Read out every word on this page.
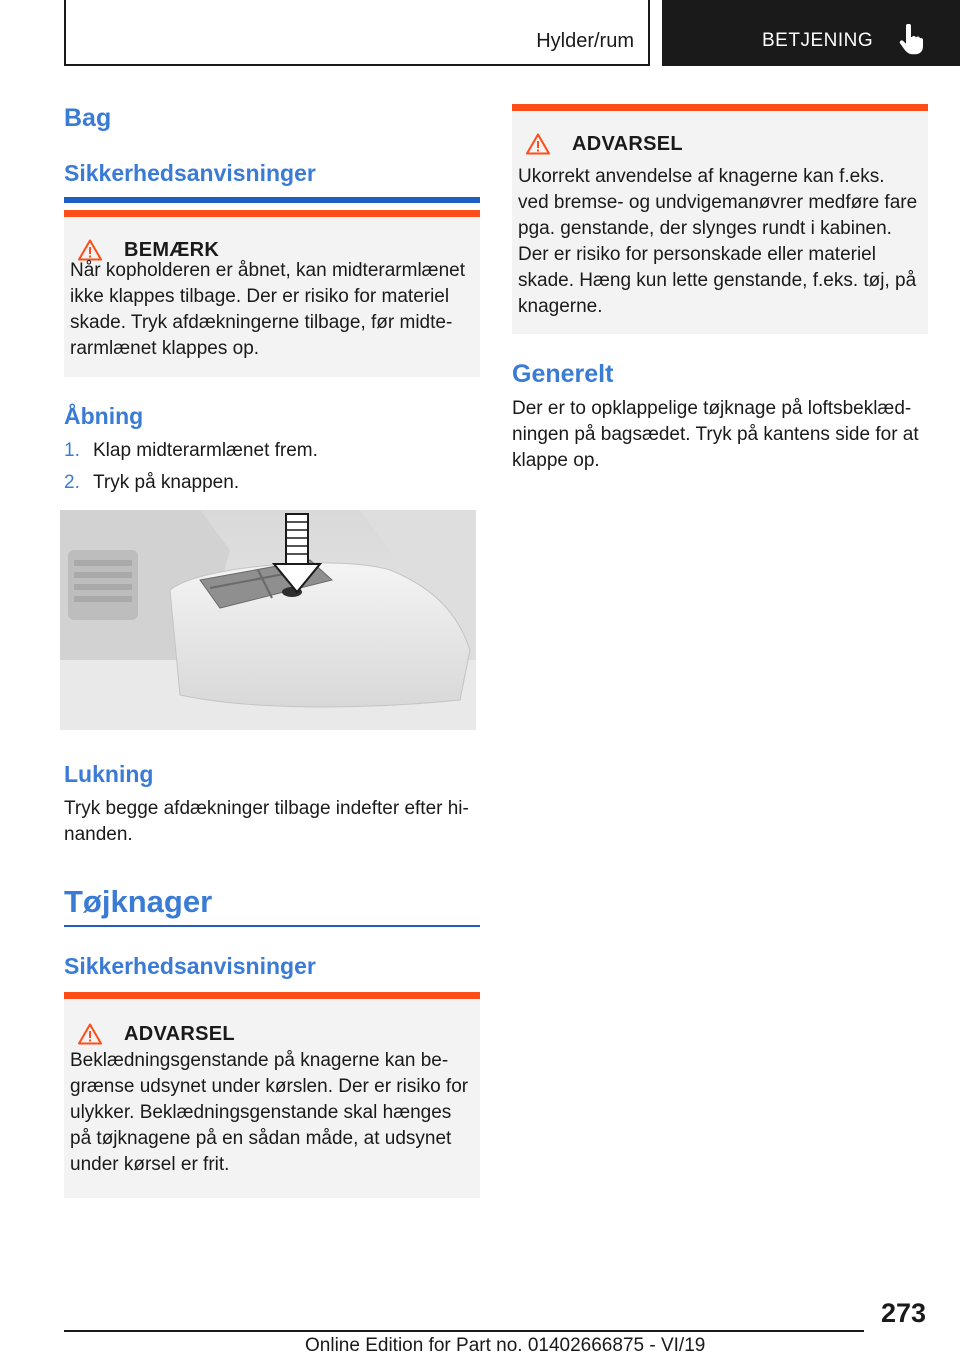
Hylder/rum	BETJENING
Bag
Sikkerhedsanvisninger
BEMÆRK
Når kopholderen er åbnet, kan midterarmlænet ikke klappes tilbage. Der er risiko for materiel skade. Tryk afdækningerne tilbage, før midterarmlænet klappes op.
Åbning
1. Klap midterarmlænet frem.
2. Tryk på knappen.
Lukning
Tryk begge afdækninger tilbage indefter efter hinanden.
Tøjknager
Sikkerhedsanvisninger
ADVARSEL
Beklædningsgenstande på knagerne kan begrænse udsynet under kørslen. Der er risiko for ulykker. Beklædningsgenstande skal hænges på tøjknagene på en sådan måde, at udsynet under kørsel er frit.
ADVARSEL
Ukorrekt anvendelse af knagerne kan f.eks. ved bremse- og undvigemanøvrer medføre fare pga. genstande, der slynges rundt i kabinen. Der er risiko for personskade eller materiel skade. Hæng kun lette genstande, f.eks. tøj, på knagerne.
Generelt
Der er to opklappelige tøjknage på loftsbeklædningen på bagsædet. Tryk på kantens side for at klappe op.
273
Online Edition for Part no. 01402666875 - VI/19
